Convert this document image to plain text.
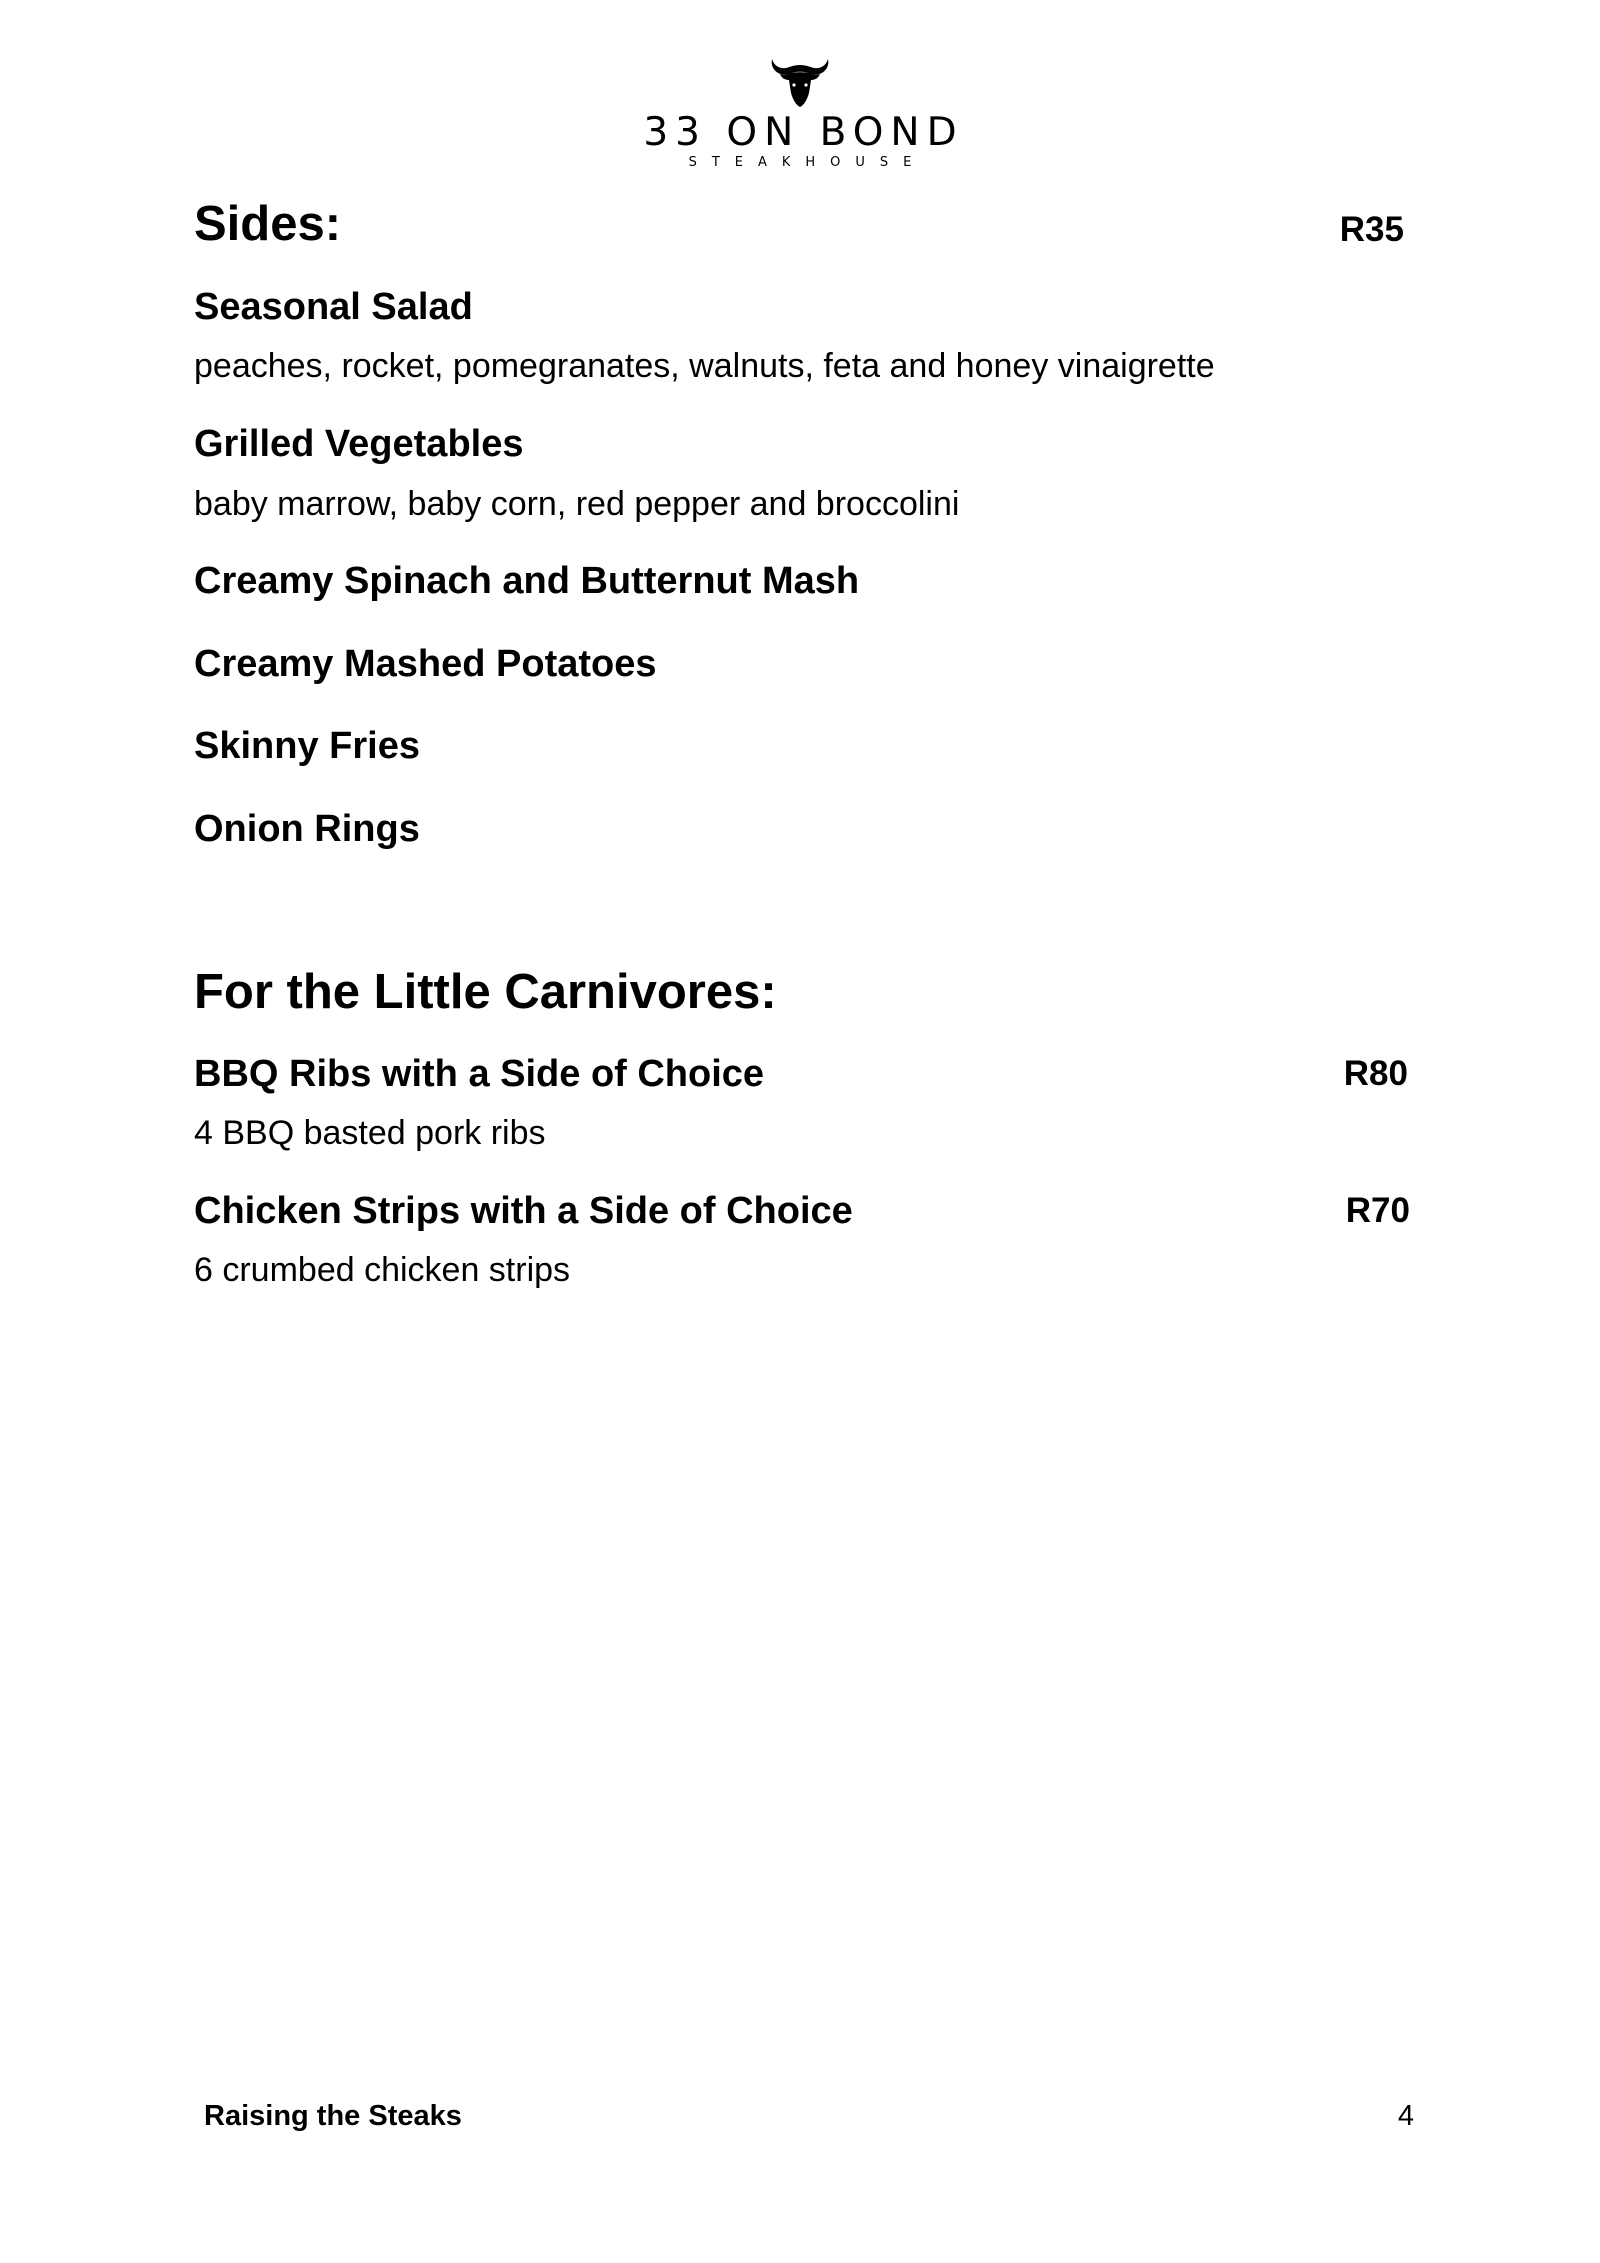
33 ON BOND
STEAKHOUSE
Sides:	R35
Seasonal Salad
peaches, rocket, pomegranates, walnuts, feta and honey vinaigrette
Grilled Vegetables
baby marrow, baby corn, red pepper and broccolini
Creamy Spinach and Butternut Mash
Creamy Mashed Potatoes
Skinny Fries
Onion Rings
For the Little Carnivores:
BBQ Ribs with a Side of Choice	R80
4 BBQ basted pork ribs
Chicken Strips with a Side of Choice	R70
6 crumbed chicken strips
Raising the Steaks	4
